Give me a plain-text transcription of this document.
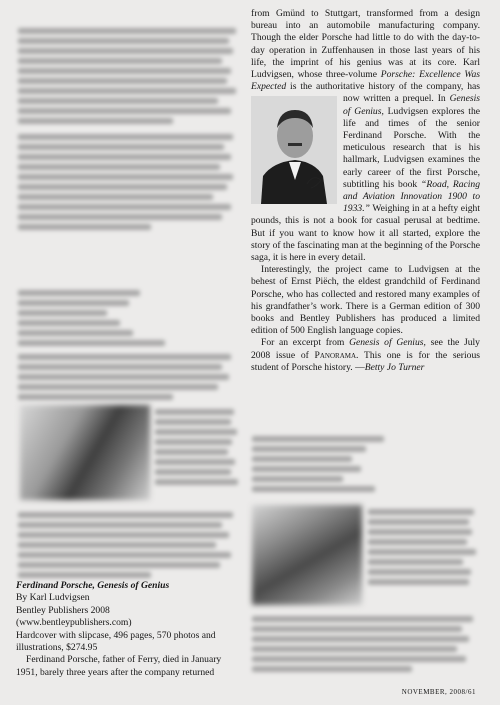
Ferdinand Porsche, Genesis of Genius

By Karl Ludvigsen

Bentley Publishers 2008

(www.bentleypublishers.com)

Hardcover with slipcase, 496 pages, 570 photos and illustrations, $274.95

Ferdinand Porsche, father of Ferry, died in January 1951, barely three years after the company returned

from Gmünd to Stuttgart, transformed from a design bureau into an automobile manufacturing company. Though the elder Porsche had little to do with the day-to-day operation in Zuffenhausen in those last years of his life, the imprint of his genius was at its core. Karl Ludvigsen, whose three-volume Porsche: Excellence Was Expected is the authoritative history of the company, has now written a prequel. In
Genesis of Genius, Ludvigsen explores the life and times of the senior Ferdinand Porsche. With the meticulous research that is his hallmark, Ludvigsen examines the early career of the first Porsche, subtitling his book “Road, Racing and Aviation Innovation 1900 to 1933.” Weighing in at a hefty eight pounds, this is not a book for casual perusal at bedtime. But if you want to know how it all started, explore the story of the fascinating man at the beginning of the Porsche saga, it is here in every detail.

Interestingly, the project came to Ludvigsen at the behest of Ernst Piëch, the eldest grandchild of Ferdinand Porsche, who has collected and restored many examples of his grandfather’s work. There is a German edition of 300 books and Bentley Publishers has produced a limited edition of 500 English language copies.

For an excerpt from Genesis of Genius, see the July 2008 issue of Panorama. This one is for the serious student of Porsche history. —Betty Jo Turner

NOVEMBER, 2008/61
